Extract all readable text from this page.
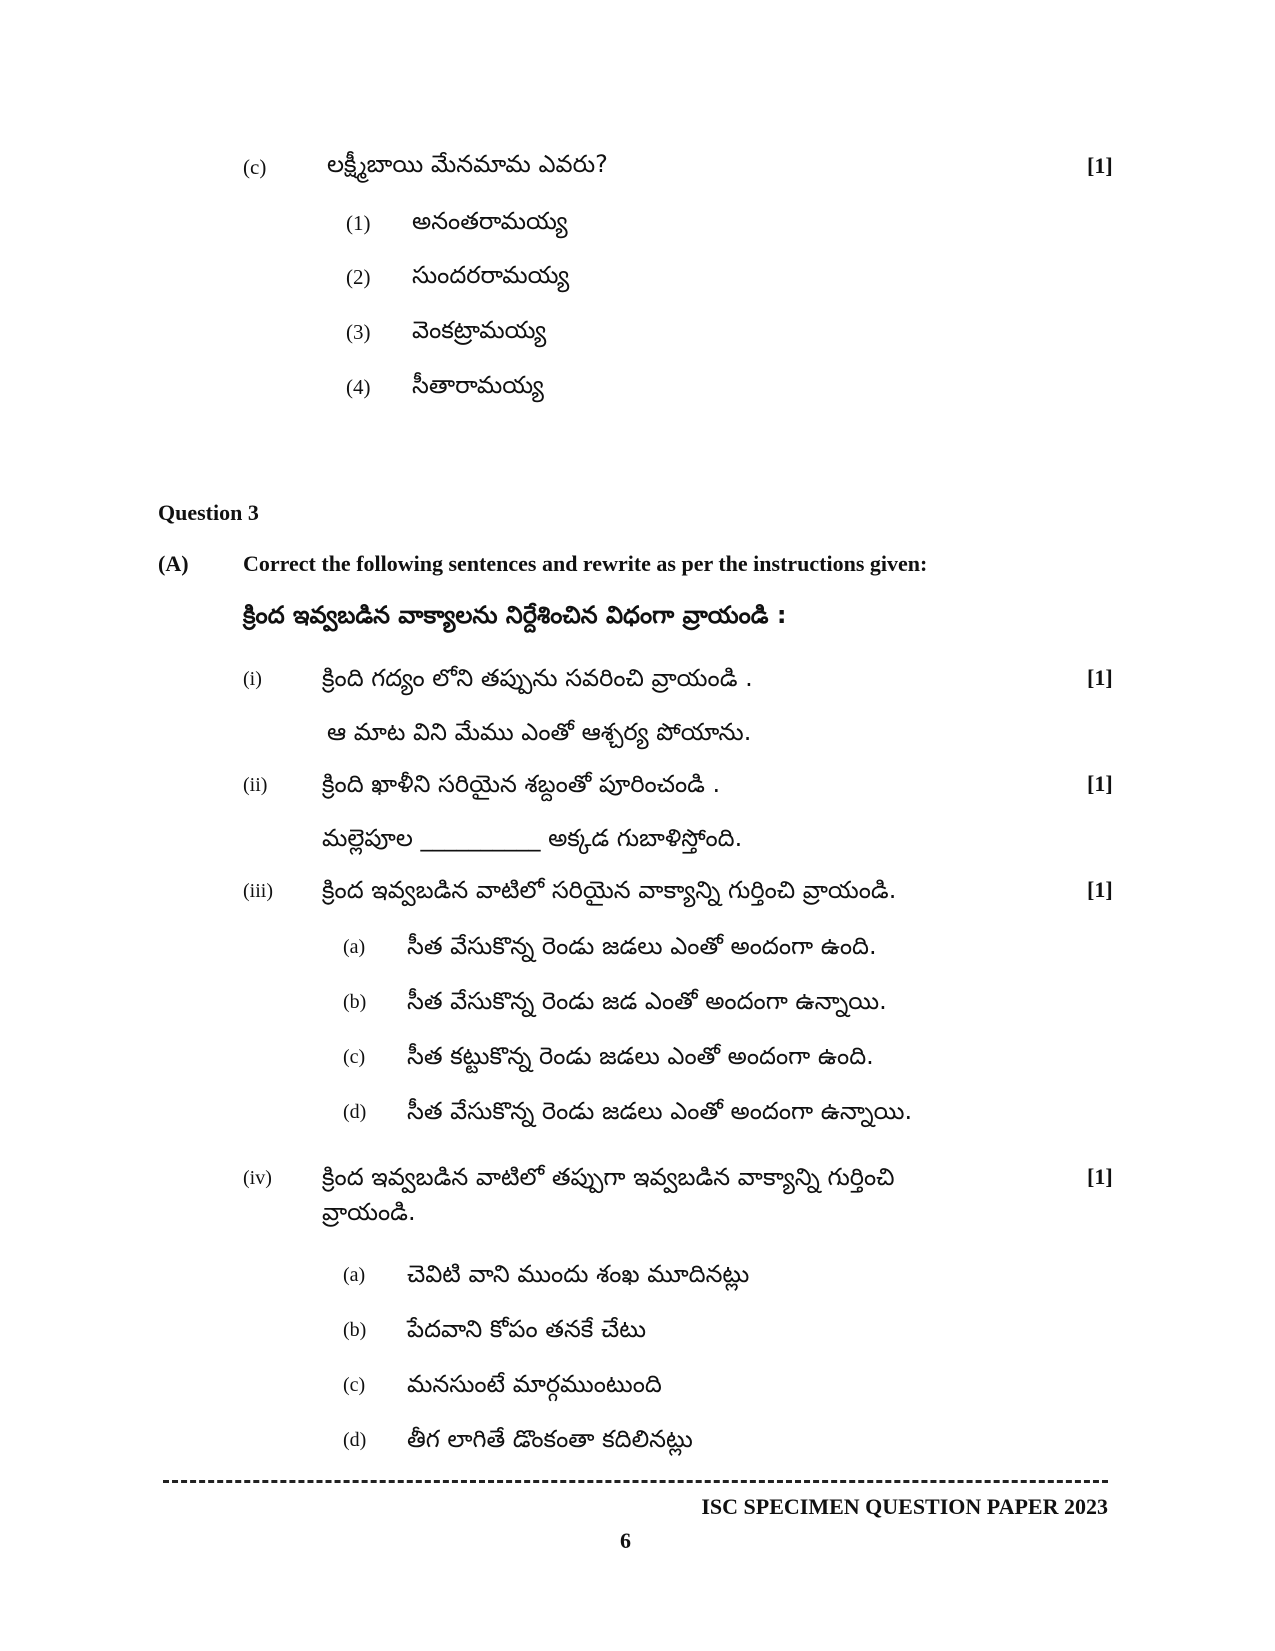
(c)	లక్ష్మీబాయి మేనమామ ఎవరు?	[1]
(1) అనంతరామయ్య
(2) సుందరరామయ్య
(3) వెంకట్రామయ్య
(4) సీతారామయ్య
Question 3
(A) Correct the following sentences and rewrite as per the instructions given:
క్రింద ఇవ్వబడిన వాక్యాలను నిర్దేశించిన విధంగా వ్రాయండి :
(i)	క్రింది గద్యం లోని తప్పును సవరించి వ్రాయండి .	[1]
ఆ మాట విని మేము ఎంతో ఆశ్చర్య పోయాను.
(ii) క్రింది ఖాళీని సరియైన శబ్దంతో పూరించండి .	[1]
మల్లెపూల __________ అక్కడ గుబాళిస్తోంది.
(iii) క్రింద ఇవ్వబడిన వాటిలో సరియైన వాక్యాన్ని గుర్తించి వ్రాయండి.	[1]
(a) సీత వేసుకొన్న రెండు జడలు ఎంతో అందంగా ఉంది.
(b) సీత వేసుకొన్న రెండు జడ ఎంతో అందంగా ఉన్నాయి.
(c) సీత కట్టుకొన్న రెండు జడలు ఎంతో అందంగా ఉంది.
(d) సీత వేసుకొన్న రెండు జడలు ఎంతో అందంగా ఉన్నాయి.
(iv) క్రింద ఇవ్వబడిన వాటిలో తప్పుగా ఇవ్వబడిన వాక్యాన్ని గుర్తించి
వ్రాయండి.
[1]
(a) చెవిటి వాని ముందు శంఖ మూదినట్లు
(b) పేదవాని కోపం తనకే చేటు
(c) మనసుంటే మార్గముంటుంది
(d) తీగ లాగితే డొంకంతా కదిలినట్లు
ISC SPECIMEN QUESTION PAPER 2023
6
